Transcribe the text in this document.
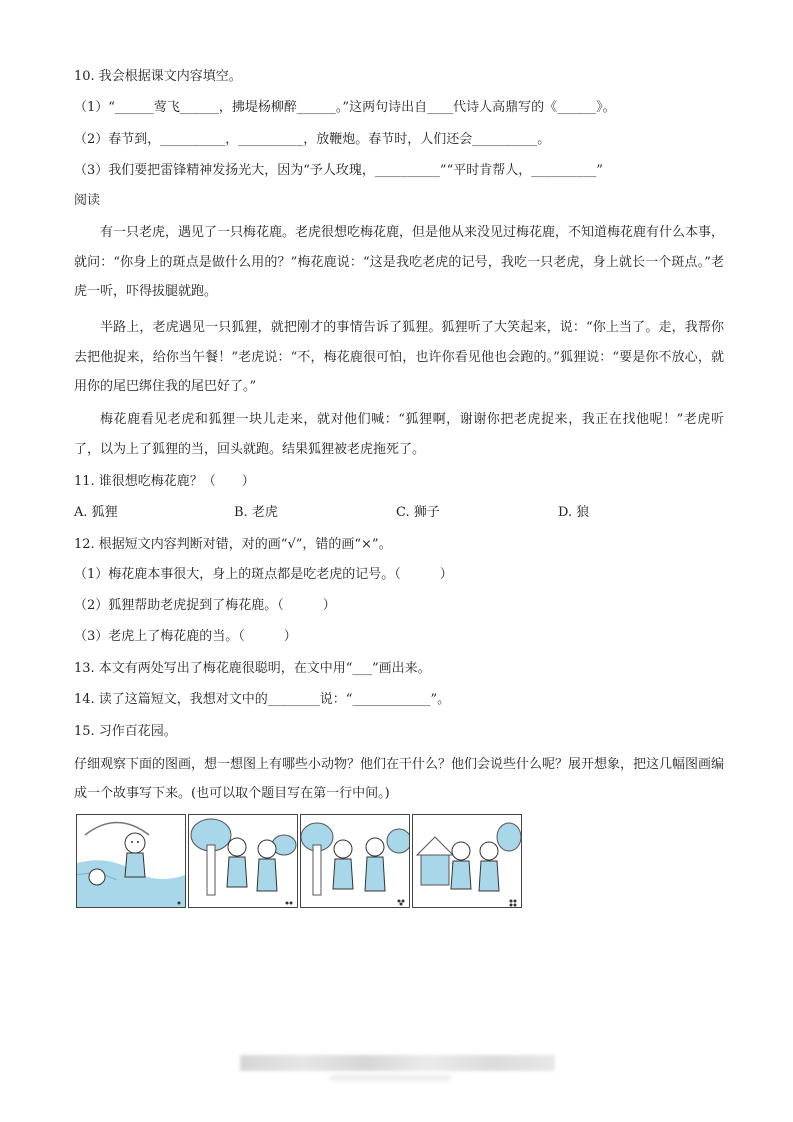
10. 我会根据课文内容填空。
（1）“______莺飞______，拂堤杨柳醉______。”这两句诗出自____代诗人高鼎写的《______》。
（2）春节到，__________，__________，放鞭炮。春节时，人们还会__________。
（3）我们要把雷锋精神发扬光大，因为“予人玫瑰，__________”“平时肯帮人，__________”
阅读
有一只老虎，遇见了一只梅花鹿。老虎很想吃梅花鹿，但是他从来没见过梅花鹿，不知道梅花鹿有什么本事，就问：“你身上的斑点是做什么用的？”梅花鹿说：“这是我吃老虎的记号，我吃一只老虎，身上就长一个斑点。”老虎一听，吓得拔腿就跑。
半路上，老虎遇见一只狐狸，就把刚才的事情告诉了狐狸。狐狸听了大笑起来，说：“你上当了。走，我帮你去把他捉来，给你当午餐！”老虎说：“不，梅花鹿很可怕，也许你看见他也会跑的。”狐狸说：“要是你不放心，就用你的尾巴绑住我的尾巴好了。”
梅花鹿看见老虎和狐狸一块儿走来，就对他们喊：“狐狸啊，谢谢你把老虎捉来，我正在找他呢！”老虎听了，以为上了狐狸的当，回头就跑。结果狐狸被老虎拖死了。
11. 谁很想吃梅花鹿？（　　）
A. 狐狸	B. 老虎	C. 狮子	D. 狼
12. 根据短文内容判断对错，对的画“√”，错的画“×”。
（1）梅花鹿本事很大，身上的斑点都是吃老虎的记号。（　　　）
（2）狐狸帮助老虎捉到了梅花鹿。（　　　）
（3）老虎上了梅花鹿的当。（　　　）
13. 本文有两处写出了梅花鹿很聪明，在文中用“___”画出来。
14. 读了这篇短文，我想对文中的________说：“____________”。
15. 习作百花园。
仔细观察下面的图画，想一想图上有哪些小动物？他们在干什么？他们会说些什么呢？展开想象，把这几幅图画编成一个故事写下来。(也可以取个题目写在第一行中间。)
